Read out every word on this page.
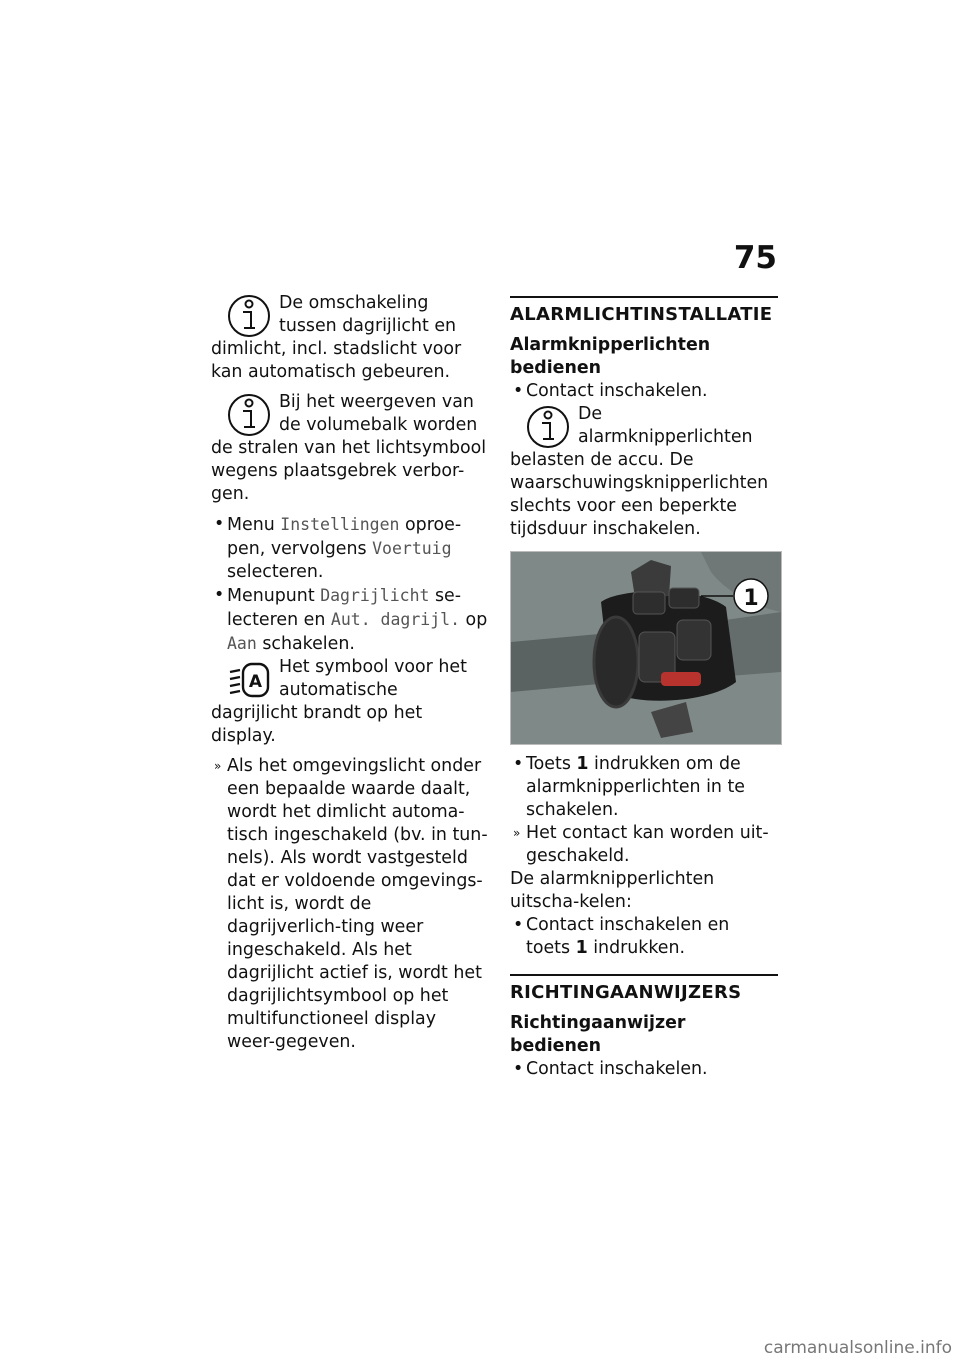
75

De omschakeling tussen dagrijlicht en dimlicht, incl. stadslicht voor kan automatisch gebeuren.

Bij het weergeven van de volumebalk worden de stralen van het lichtsymbool wegens plaatsgebrek verbor-gen.

• Menu Instellingen oproe-pen, vervolgens Voertuig selecteren.
• Menupunt Dagrijlicht se-lecteren en Aut. dagrijl. op Aan schakelen.
A

Het symbool voor het automatische dagrijlicht brandt op het display.

» Als het omgevingslicht onder een bepaalde waarde daalt, wordt het dimlicht automa-tisch ingeschakeld (bv. in tun-nels). Als wordt vastgesteld dat er voldoende omgevings-licht is, wordt de dagrijverlich-ting weer ingeschakeld. Als het dagrijlicht actief is, wordt het dagrijlichtsymbool op het multifunctioneel display weer-gegeven.
ALARMLICHTINSTALLATIE
Alarmknipperlichten bedienen
• Contact inschakelen.

De alarmknipperlichten belasten de accu. De waarschuwingsknipperlichten slechts voor een beperkte tijdsduur inschakelen.

1
• Toets 1 indrukken om de alarmknipperlichten in te schakelen.
» Het contact kan worden uit-geschakeld.

De alarmknipperlichten uitscha-kelen:

• Contact inschakelen en toets 1 indrukken.
RICHTINGAANWIJZERS
Richtingaanwijzer bedienen
• Contact inschakelen.
carmanualsonline.info
